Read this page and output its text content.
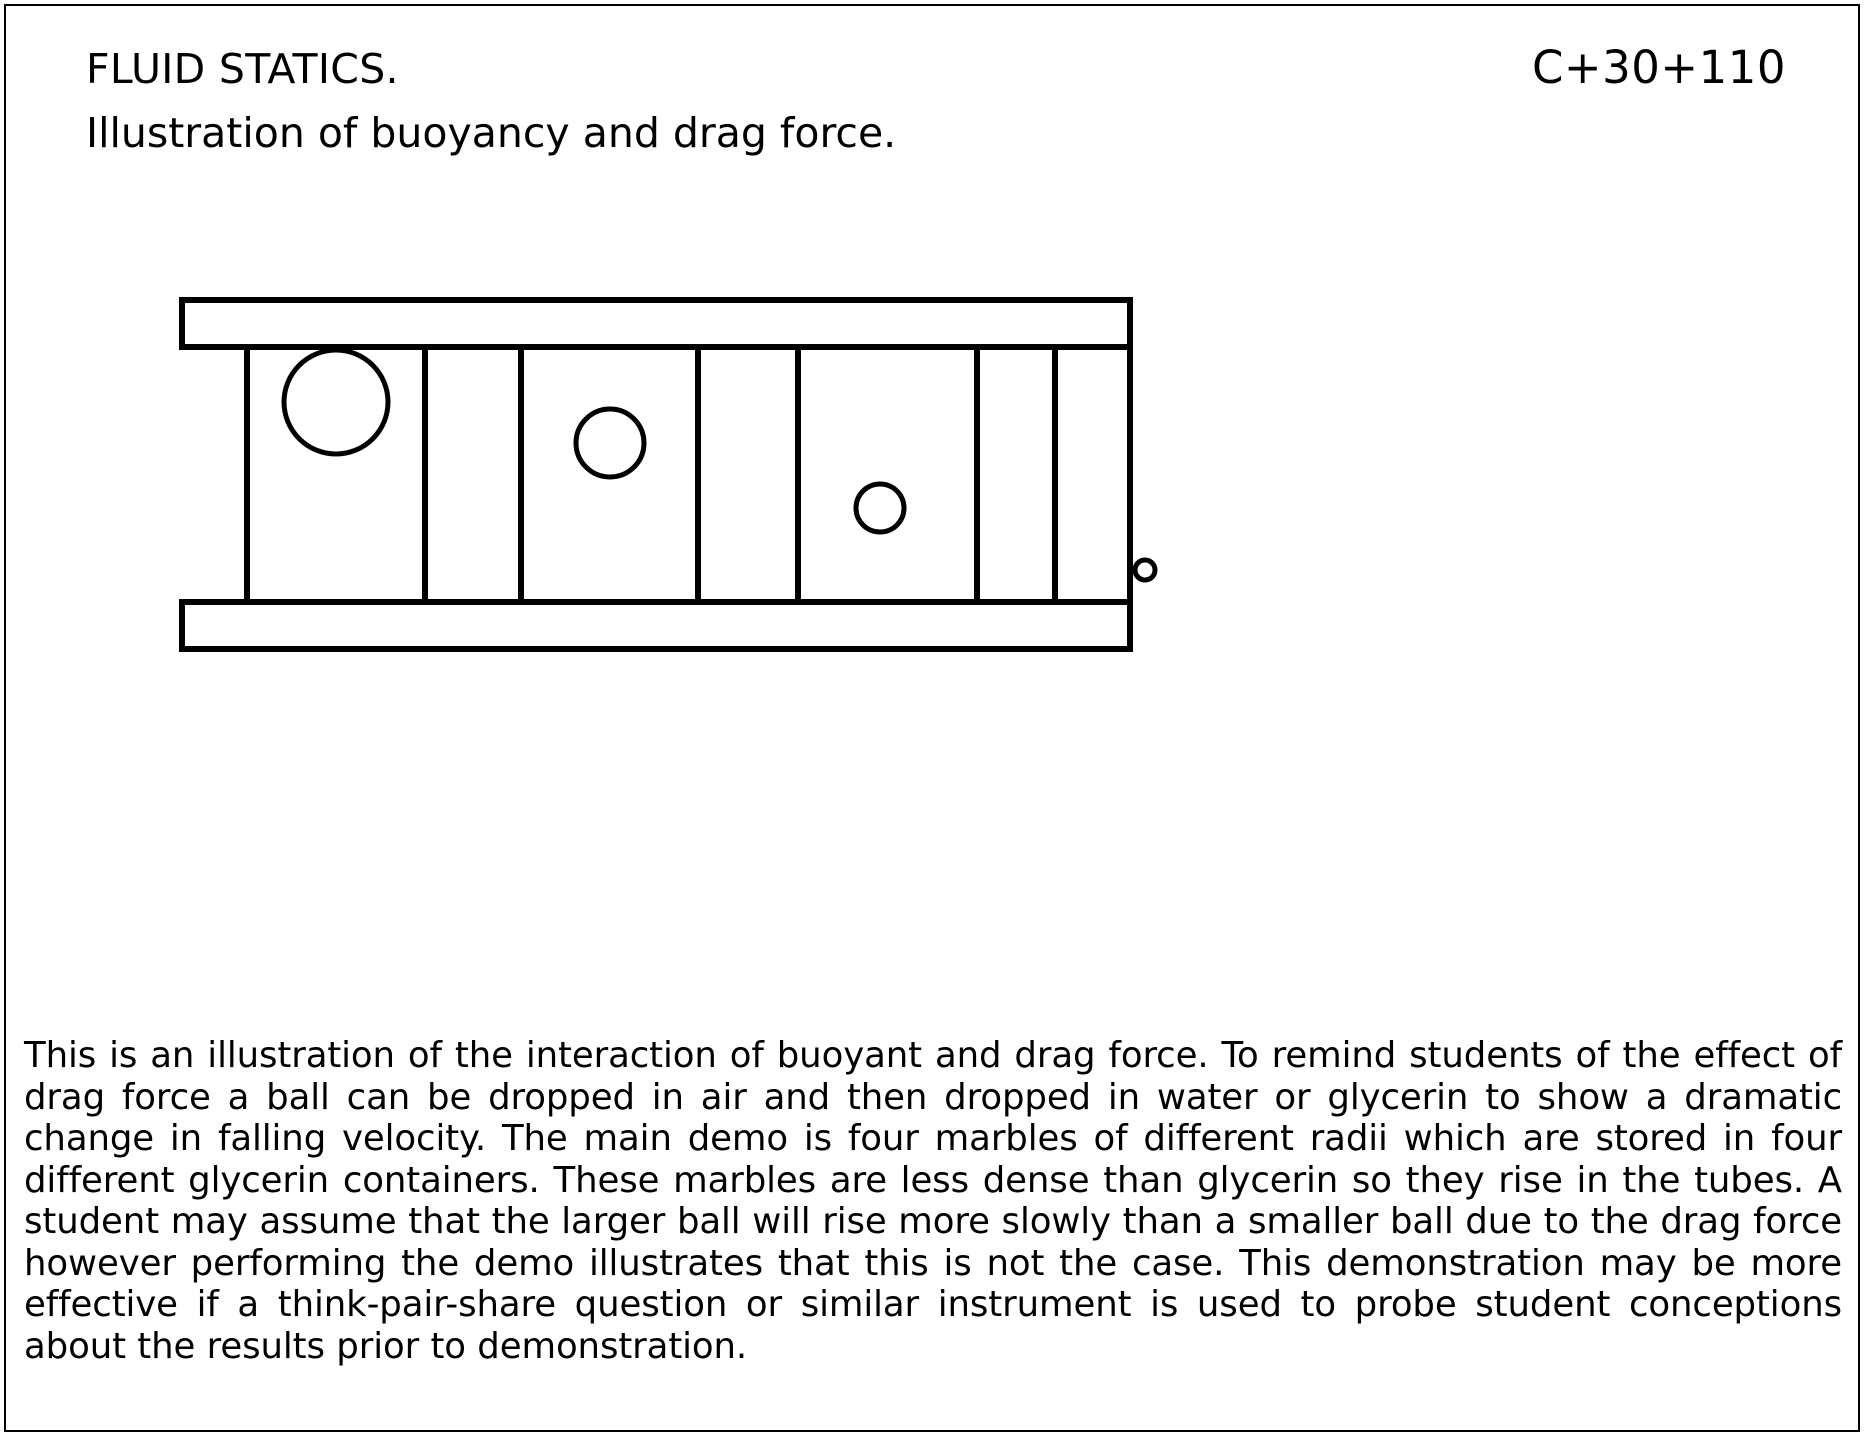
FLUID STATICS.	C+30+110
Illustration of buoyancy and drag force.

This is an illustration of the interaction of buoyant and drag force. To remind students of the effect of drag force a ball can be dropped in air and then dropped in water or glycerin to show a dramatic change in falling velocity. The main demo is four marbles of different radii which are stored in four different glycerin containers. These marbles are less dense than glycerin so they rise in the tubes. A student may assume that the larger ball will rise more slowly than a smaller ball due to the drag force however performing the demo illustrates that this is not the case. This demonstration may be more effective if a think-pair-share question or similar instrument is used to probe student conceptions about the results prior to demonstration.
